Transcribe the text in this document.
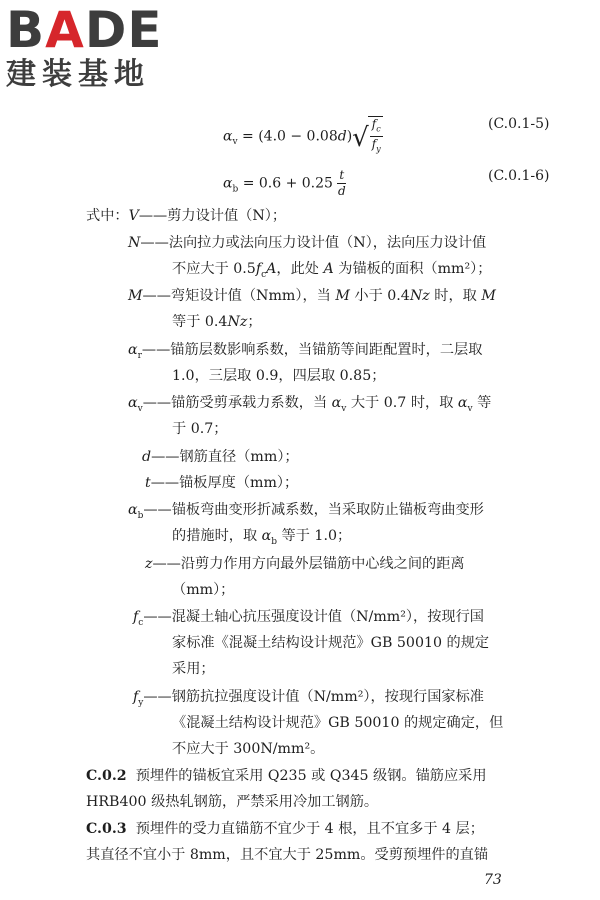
BADE
建装基地
$\alpha_v = (4.0 - 0.08d)√ \frac{f_c}{f_y}$	(C.0.1-5)
$\alpha_b = 0.6 + 0.25 \frac{t}{d}$	(C.0.1-6)
式中：V——剪力设计值（N）；
N——法向拉力或法向压力设计值（N），法向压力设计值
不应大于 $0.5f_cA$，此处 A 为锚板的面积（mm²）；
M——弯矩设计值（Nmm），当 M 小于 0.4Nz 时，取 M
等于 0.4Nz；
$\alpha_r——$锚筋层数影响系数，当锚筋等间距配置时，二层取
1.0，三层取 0.9，四层取 0.85；
$\alpha_v——$锚筋受剪承载力系数，当 $\alpha_v$ 大于 0.7 时，取 $\alpha_v$ 等
于 0.7；
d——钢筋直径（mm）；
t——锚板厚度（mm）；
$\alpha_b——$锚板弯曲变形折减系数，当采取防止锚板弯曲变形
的措施时，取 $\alpha_b$ 等于 1.0；
z——沿剪力作用方向最外层锚筋中心线之间的距离
（mm）；
$f_c——$混凝土轴心抗压强度设计值（N/mm²），按现行国
家标准《混凝土结构设计规范》GB 50010 的规定
采用；
$f_y——$钢筋抗拉强度设计值（N/mm²），按现行国家标准
《混凝土结构设计规范》GB 50010 的规定确定，但
不应大于 300N/mm²。
C.0.2 预埋件的锚板宜采用 Q235 或 Q345 级钢。锚筋应采用
HRB400 级热轧钢筋，严禁采用冷加工钢筋。
C.0.3 预埋件的受力直锚筋不宜少于 4 根，且不宜多于 4 层；
其直径不宜小于 8mm，且不宜大于 25mm。受剪预埋件的直锚
73
